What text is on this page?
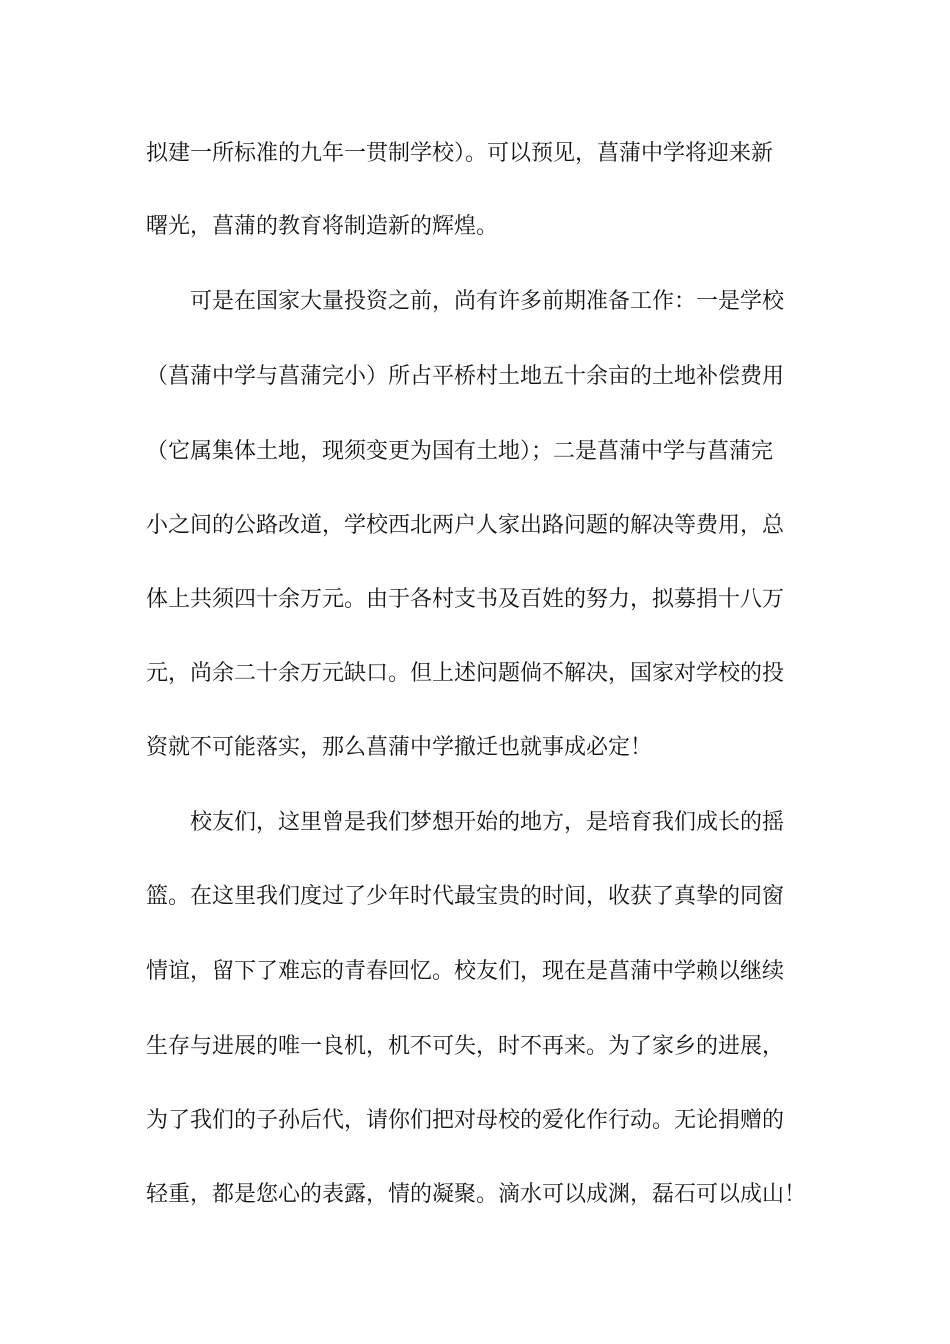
拟建一所标准的九年一贯制学校）。可以预见，菖蒲中学将迎来新
曙光，菖蒲的教育将制造新的辉煌。
可是在国家大量投资之前，尚有许多前期准备工作：一是学校
（菖蒲中学与菖蒲完小）所占平桥村土地五十余亩的土地补偿费用
（它属集体土地，现须变更为国有土地）；二是菖蒲中学与菖蒲完
小之间的公路改道，学校西北两户人家出路问题的解决等费用，总
体上共须四十余万元。由于各村支书及百姓的努力，拟募捐十八万
元，尚余二十余万元缺口。但上述问题倘不解决，国家对学校的投
资就不可能落实，那么菖蒲中学撤迁也就事成必定！
校友们，这里曾是我们梦想开始的地方，是培育我们成长的摇
篮。在这里我们度过了少年时代最宝贵的时间，收获了真挚的同窗
情谊，留下了难忘的青春回忆。校友们，现在是菖蒲中学赖以继续
生存与进展的唯一良机，机不可失，时不再来。为了家乡的进展，
为了我们的子孙后代，请你们把对母校的爱化作行动。无论捐赠的
轻重，都是您心的表露，情的凝聚。滴水可以成渊，磊石可以成山！
